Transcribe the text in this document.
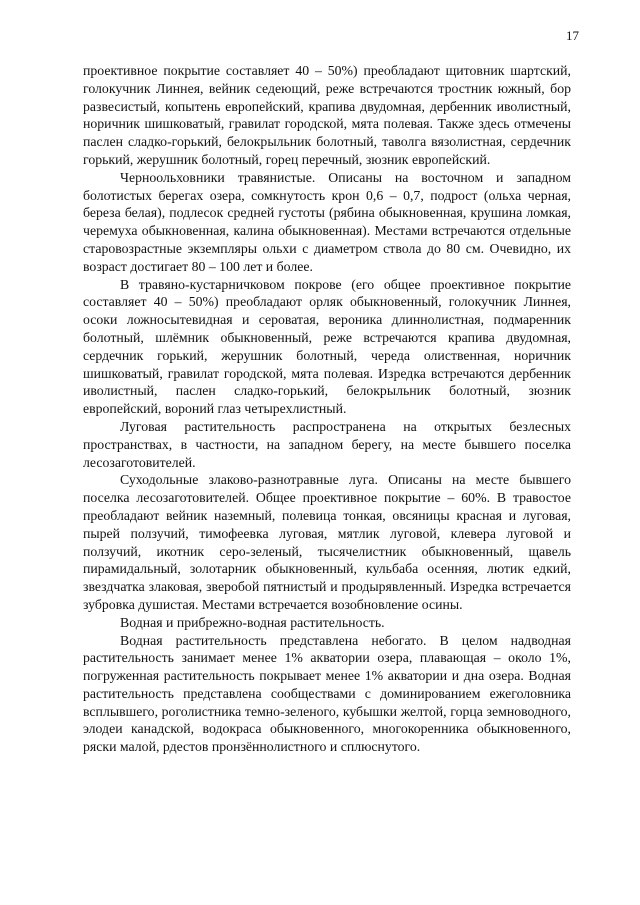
17

проективное покрытие составляет 40 – 50%) преобладают щитовник шартский, голокучник Линнея, вейник седеющий, реже встречаются тростник южный, бор развесистый, копытень европейский, крапива двудомная, дербенник иволистный, норичник шишковатый, гравилат городской, мята полевая. Также здесь отмечены паслен сладко-горький, белокрыльник болотный, таволга вязолистная, сердечник горький, жерушник болотный, горец перечный, зюзник европейский.

Черноольховники травянистые. Описаны на восточном и западном болотистых берегах озера, сомкнутость крон 0,6 – 0,7, подрост (ольха черная, береза белая), подлесок средней густоты (рябина обыкновенная, крушина ломкая, черемуха обыкновенная, калина обыкновенная). Местами встречаются отдельные старовозрастные экземпляры ольхи с диаметром ствола до 80 см. Очевидно, их возраст достигает 80 – 100 лет и более.

В травяно-кустарничковом покрове (его общее проективное покрытие составляет 40 – 50%) преобладают орляк обыкновенный, голокучник Линнея, осоки ложносытевидная и сероватая, вероника длиннолистная, подмаренник болотный, шлёмник обыкновенный, реже встречаются крапива двудомная, сердечник горький, жерушник болотный, череда олиственная, норичник шишковатый, гравилат городской, мята полевая. Изредка встречаются дербенник иволистный, паслен сладко-горький, белокрыльник болотный, зюзник европейский, вороний глаз четырехлистный.

Луговая растительность распространена на открытых безлесных пространствах, в частности, на западном берегу, на месте бывшего поселка лесозаготовителей.

Суходольные злаково-разнотравные луга. Описаны на месте бывшего поселка лесозаготовителей. Общее проективное покрытие – 60%. В травостое преобладают вейник наземный, полевица тонкая, овсяницы красная и луговая, пырей ползучий, тимофеевка луговая, мятлик луговой, клевера луговой и ползучий, икотник серо-зеленый, тысячелистник обыкновенный, щавель пирамидальный, золотарник обыкновенный, кульбаба осенняя, лютик едкий, звездчатка злаковая, зверобой пятнистый и продырявленный. Изредка встречается зубровка душистая. Местами встречается возобновление осины.

Водная и прибрежно-водная растительность.

Водная растительность представлена небогато. В целом надводная растительность занимает менее 1% акватории озера, плавающая – около 1%, погруженная растительность покрывает менее 1% акватории и дна озера. Водная растительность представлена сообществами с доминированием ежеголовника всплывшего, роголистника темно-зеленого, кубышки желтой, горца земноводного, элодеи канадской, водокраса обыкновенного, многокоренника обыкновенного, ряски малой, рдестов пронзённолистного и сплюснутого.
